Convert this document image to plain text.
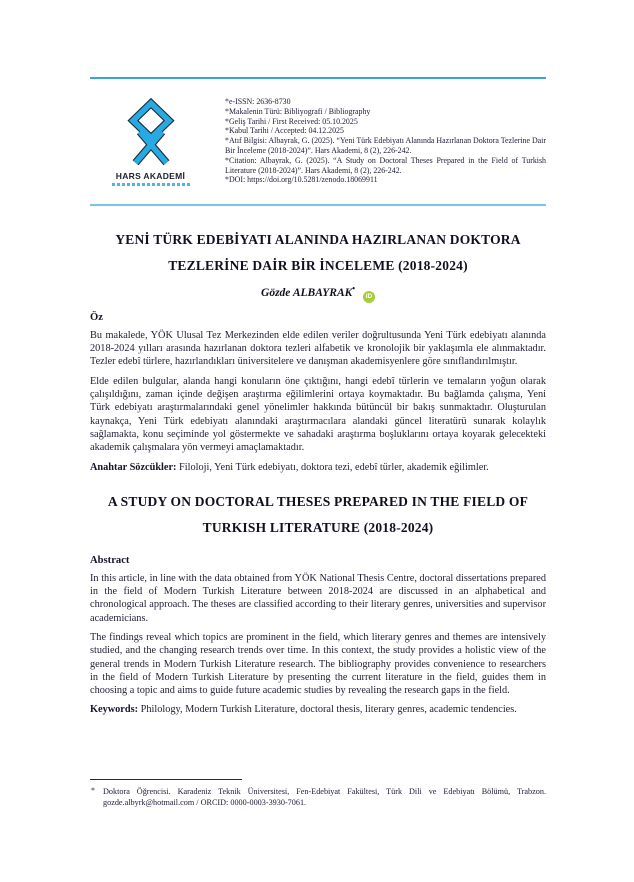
HARS AKADEMİ
*e-ISSN: 2636-8730
*Makalenin Türü: Bibliyografi / Bibliography
*Geliş Tarihi / First Received: 05.10.2025
*Kabul Tarihi / Accepted: 04.12.2025
*Atıf Bilgisi: Albayrak, G. (2025). “Yeni Türk Edebiyatı Alanında Hazırlanan Doktora Tezlerine Dair Bir İnceleme (2018-2024)”. Hars Akademi, 8 (2), 226-242.
*Citation: Albayrak, G. (2025). “A Study on Doctoral Theses Prepared in the Field of Turkish Literature (2018-2024)”. Hars Akademi, 8 (2), 226-242.
*DOI: https://doi.org/10.5281/zenodo.18069911
YENİ TÜRK EDEBİYATI ALANINDA HAZIRLANAN DOKTORA
TEZLERİNE DAİR BİR İNCELEME (2018-2024)
Gözde ALBAYRAK• iD
Öz

Bu makalede, YÖK Ulusal Tez Merkezinden elde edilen veriler doğrultusunda Yeni Türk edebiyatı alanında 2018-2024 yılları arasında hazırlanan doktora tezleri alfabetik ve kronolojik bir yaklaşımla ele alınmaktadır. Tezler edebî türlere, hazırlandıkları üniversitelere ve danışman akademisyenlere göre sınıflandırılmıştır.

Elde edilen bulgular, alanda hangi konuların öne çıktığını, hangi edebî türlerin ve temaların yoğun olarak çalışıldığını, zaman içinde değişen araştırma eğilimlerini ortaya koymaktadır. Bu bağlamda çalışma, Yeni Türk edebiyatı araştırmalarındaki genel yönelimler hakkında bütüncül bir bakış sunmaktadır. Oluşturulan kaynakça, Yeni Türk edebiyatı alanındaki araştırmacılara alandaki güncel literatürü sunarak kolaylık sağlamakta, konu seçiminde yol göstermekte ve sahadaki araştırma boşluklarını ortaya koyarak gelecekteki akademik çalışmalara yön vermeyi amaçlamaktadır.

Anahtar Sözcükler: Filoloji, Yeni Türk edebiyatı, doktora tezi, edebî türler, akademik eğilimler.

A STUDY ON DOCTORAL THESES PREPARED IN THE FIELD OF
TURKISH LITERATURE (2018-2024)
Abstract

In this article, in line with the data obtained from YÖK National Thesis Centre, doctoral dissertations prepared in the field of Modern Turkish Literature between 2018-2024 are discussed in an alphabetical and chronological approach. The theses are classified according to their literary genres, universities and supervisor academicians.

The findings reveal which topics are prominent in the field, which literary genres and themes are intensively studied, and the changing research trends over time. In this context, the study provides a holistic view of the general trends in Modern Turkish Literature research. The bibliography provides convenience to researchers in the field of Modern Turkish Literature by presenting the current literature in the field, guides them in choosing a topic and aims to guide future academic studies by revealing the research gaps in the field.

Keywords: Philology, Modern Turkish Literature, doctoral thesis, literary genres, academic tendencies.

* Doktora Öğrencisi. Karadeniz Teknik Üniversitesi, Fen-Edebiyat Fakültesi, Türk Dili ve Edebiyatı Bölümü, Trabzon.
gozde.albyrk@hotmail.com / ORCID: 0000-0003-3930-7061.
